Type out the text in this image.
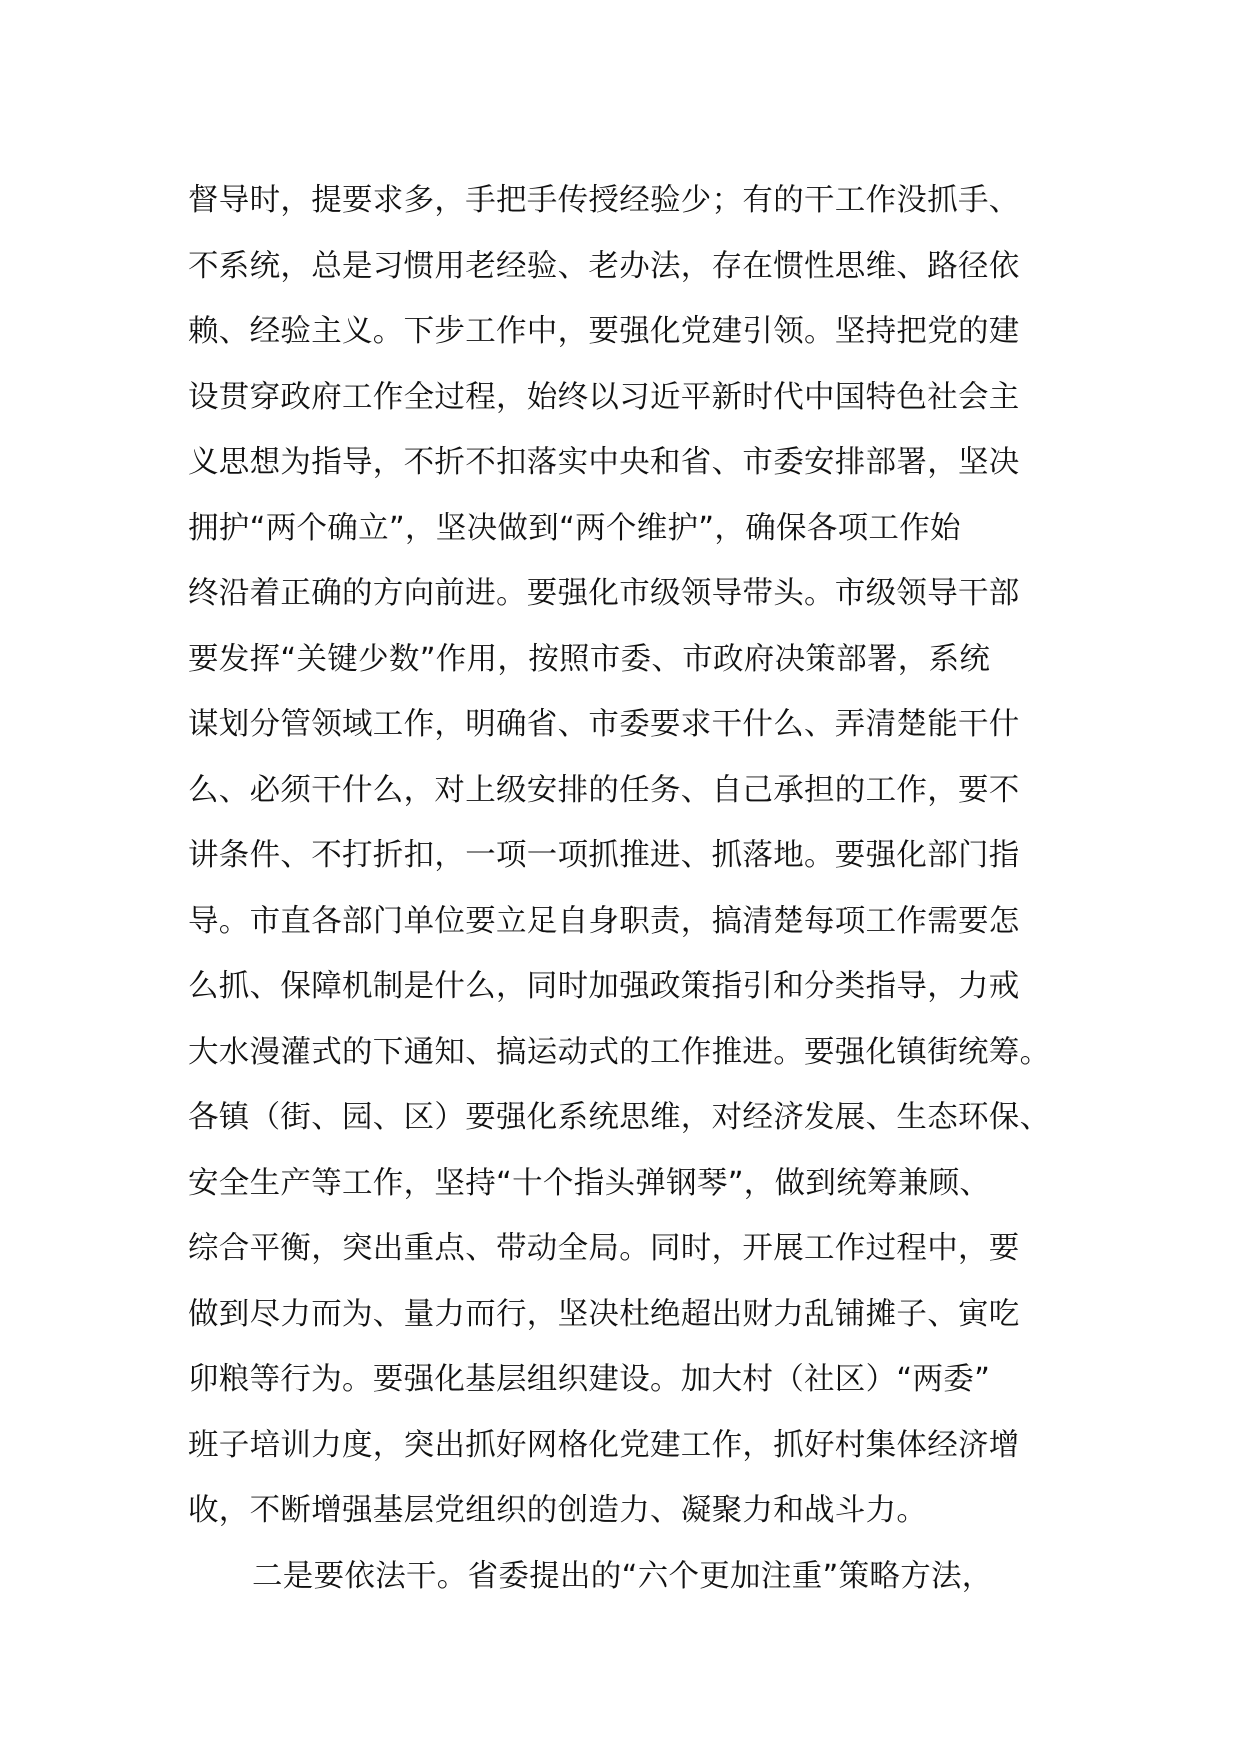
督导时，提要求多，手把手传授经验少；有的干工作没抓手、
不系统，总是习惯用老经验、老办法，存在惯性思维、路径依
赖、经验主义。下步工作中，要强化党建引领。坚持把党的建
设贯穿政府工作全过程，始终以习近平新时代中国特色社会主
义思想为指导，不折不扣落实中央和省、市委安排部署，坚决
拥护“两个确立”，坚决做到“两个维护”，确保各项工作始
终沿着正确的方向前进。要强化市级领导带头。市级领导干部
要发挥“关键少数”作用，按照市委、市政府决策部署，系统
谋划分管领域工作，明确省、市委要求干什么、弄清楚能干什
么、必须干什么，对上级安排的任务、自己承担的工作，要不
讲条件、不打折扣，一项一项抓推进、抓落地。要强化部门指
导。市直各部门单位要立足自身职责，搞清楚每项工作需要怎
么抓、保障机制是什么，同时加强政策指引和分类指导，力戒
大水漫灌式的下通知、搞运动式的工作推进。要强化镇街统筹。
各镇（街、园、区）要强化系统思维，对经济发展、生态环保、
安全生产等工作，坚持“十个指头弹钢琴”，做到统筹兼顾、
综合平衡，突出重点、带动全局。同时，开展工作过程中，要
做到尽力而为、量力而行，坚决杜绝超出财力乱铺摊子、寅吃
卯粮等行为。要强化基层组织建设。加大村（社区）“两委”
班子培训力度，突出抓好网格化党建工作，抓好村集体经济增
收，不断增强基层党组织的创造力、凝聚力和战斗力。
二是要依法干。省委提出的“六个更加注重”策略方法，
